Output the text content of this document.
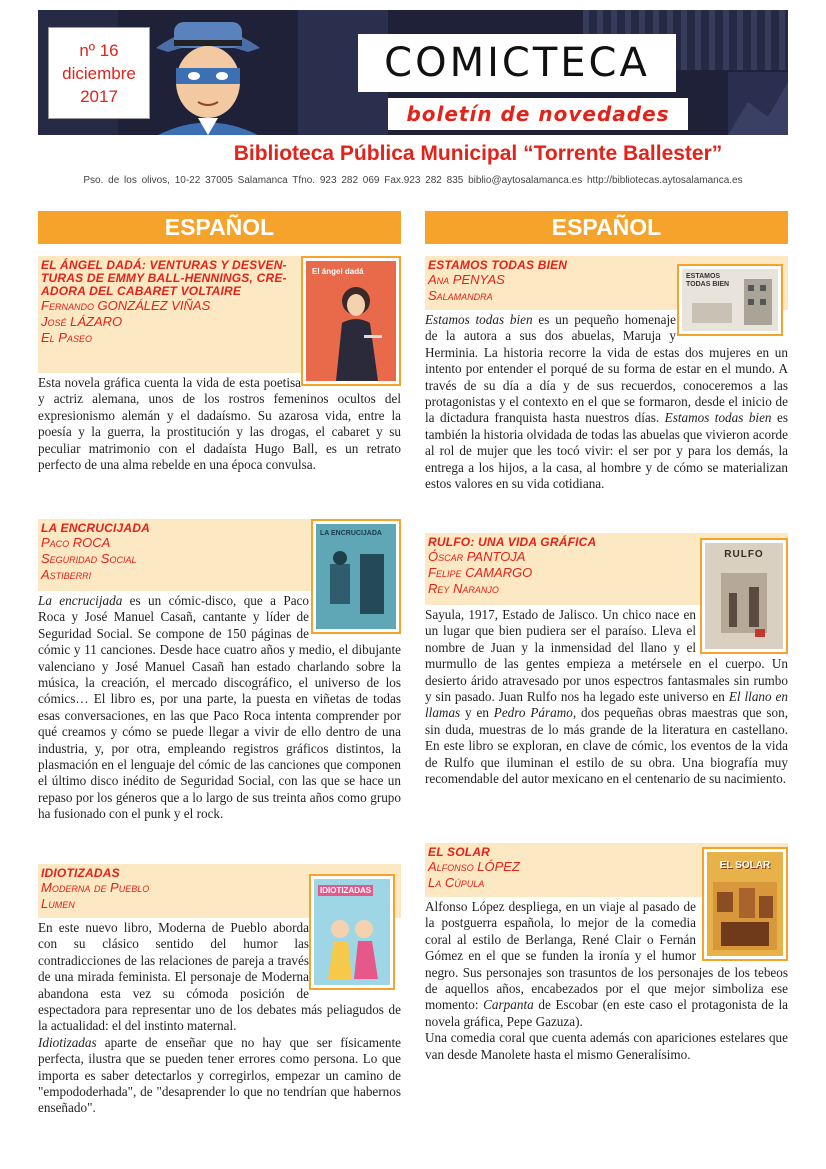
nº 16
diciembre
2017
COMICTECA
boletín de novedades
Biblioteca Pública Municipal “Torrente Ballester”
Pso. de los olivos, 10-22 37005 Salamanca Tfno. 923 282 069 Fax.923 282 835 biblio@aytosalamanca.es http://bibliotecas.aytosalamanca.es
ESPAÑOL
EL ÁNGEL DADÁ: VENTURAS Y DESVEN-
TURAS DE EMMY BALL-HENNINGS, CRE-
ADORA DEL CABARET VOLTAIRE
Fernando GONZÁLEZ VIÑAS
José LÁZARO
El Paseo
El ángel dadá

Esta novela gráfica cuenta la vida de esta poetisa y actriz alemana, unos de los rostros femeninos ocultos del expresionismo alemán y el dadaísmo. Su azarosa vida, entre la poesía y la guerra, la prostitución y las drogas, el cabaret y su peculiar matrimonio con el dadaísta Hugo Ball, es un retrato perfecto de una alma rebelde en una época convulsa.

LA ENCRUCIJADA
Paco ROCA
Seguridad Social
Astiberri
LA ENCRUCIJADA

La encrucijada es un cómic-disco, que a Paco Roca y José Manuel Casañ, cantante y líder de Seguridad Social. Se compone de 150 páginas de cómic y 11 canciones. Desde hace cuatro años y medio, el dibujante valenciano y José Manuel Casañ han estado charlando sobre la música, la creación, el mercado discográfico, el universo de los cómics… El libro es, por una parte, la puesta en viñetas de todas esas conversaciones, en las que Paco Roca intenta comprender por qué creamos y cómo se puede llegar a vivir de ello dentro de una industria, y, por otra, empleando registros gráficos distintos, la plasmación en el lenguaje del cómic de las canciones que componen el último disco inédito de Seguridad Social, con las que se hace un repaso por los géneros que a lo largo de sus treinta años como grupo ha fusionado con el punk y el rock.

IDIOTIZADAS
Moderna de Pueblo
Lumen
IDIOTIZADAS

En este nuevo libro, Moderna de Pueblo aborda con su clásico sentido del humor las contradicciones de las relaciones de pareja a través de una mirada feminista. El personaje de Moderna abandona esta vez su cómoda posición de espectadora para representar uno de los debates más peliagudos de la actualidad: el del instinto maternal.

Idiotizadas aparte de enseñar que no hay que ser físicamente perfecta, ilustra que se pueden tener errores como persona. Lo que importa es saber detectarlos y corregirlos, empezar un camino de "empododerhada", de "desaprender lo que no tendrían que habernos enseñado".

ESPAÑOL
ESTAMOS TODAS BIEN
Ana PENYAS
Salamandra
ESTAMOS TODAS BIEN

Estamos todas bien es un pequeño homenaje de la autora a sus dos abuelas, Maruja y Herminia. La historia recorre la vida de estas dos mujeres en un intento por entender el porqué de su forma de estar en el mundo. A través de su día a día y de sus recuerdos, conoceremos a las protagonistas y el contexto en el que se formaron, desde el inicio de la dictadura franquista hasta nuestros días. Estamos todas bien es también la historia olvidada de todas las abuelas que vivieron acorde al rol de mujer que les tocó vivir: el ser por y para los demás, la entrega a los hijos, a la casa, al hombre y de cómo se materializan estos valores en su vida cotidiana.

RULFO: UNA VIDA GRÁFICA
Óscar PANTOJA
Felipe CAMARGO
Rey Naranjo
RULFO

Sayula, 1917, Estado de Jalisco. Un chico nace en un lugar que bien pudiera ser el paraíso. Lleva el nombre de Juan y la inmensidad del llano y el murmullo de las gentes empieza a metérsele en el cuerpo. Un desierto árido atravesado por unos espectros fantasmales sin rumbo y sin pasado. Juan Rulfo nos ha legado este universo en El llano en llamas y en Pedro Páramo, dos pequeñas obras maestras que son, sin duda, muestras de lo más grande de la literatura en castellano. En este libro se exploran, en clave de cómic, los eventos de la vida de Rulfo que iluminan el estilo de su obra. Una biografía muy recomendable del autor mexicano en el centenario de su nacimiento.

EL SOLAR
Alfonso LÓPEZ
La Cúpula
EL SOLAR

Alfonso López despliega, en un viaje al pasado de la postguerra española, lo mejor de la comedia coral al estilo de Berlanga, René Clair o Fernán Gómez en el que se funden la ironía y el humor negro. Sus personajes son trasuntos de los personajes de los tebeos de aquellos años, encabezados por el que mejor simboliza ese momento: Carpanta de Escobar (en este caso el protagonista de la novela gráfica, Pepe Gazuza).

Una comedia coral que cuenta además con apariciones estelares que van desde Manolete hasta el mismo Generalísimo.
